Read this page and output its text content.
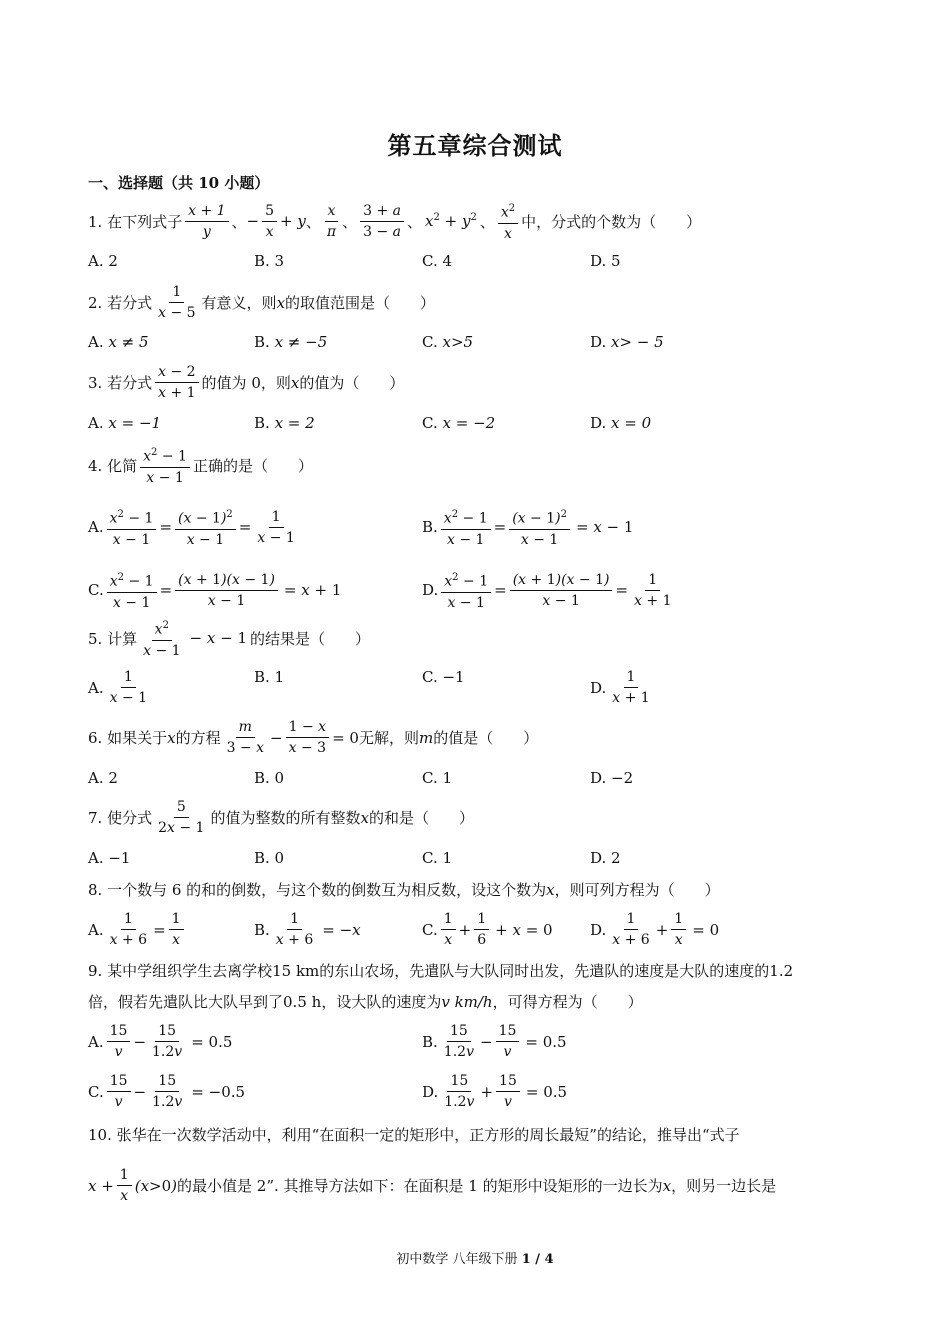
第五章综合测试
一、选择题（共 10 小题）
1. 在下列式子
x + 1
y
、 − $\frac{5}{x} + y$ 、
x
π
、
3 + a
3 − a
、 $x^2 + y^2$ 、
$x^2$
x
中，分式的个数为（　　）
A. 2	B. 3	C. 4	D. 5
2. 若分式
1
x − 5
有意义，则 x 的取值范围是（　　）
A.
x ≠ 5	B.
x ≠ −5	C.
x>5	D.
x> − 5
3. 若分式
x − 2
x + 1
的值为 0，则 x 的值为（　　）
A.
x = −1	B.
x = 2	C.
x = −2	D.
x = 0
4. 化简
$x^2 - 1$
x − 1
正确的是（　　）
A. $\frac{x^2 - 1}{x - 1} = \frac{(x - 1)^2}{x - 1} = \frac{1}{x - 1}$	B. $\frac{x^2 - 1}{x - 1} = \frac{(x - 1)^2}{x - 1} = x - 1$
C. $\frac{x^2 - 1}{x - 1} = \frac{(x + 1)(x - 1)}{x - 1} = x + 1$	D. $\frac{x^2 - 1}{x - 1} = \frac{(x + 1)(x - 1)}{x - 1} = \frac{1}{x + 1}$
5. 计算
$x^2$
x − 1
− x − 1 的结果是（　　）
A.
1
x − 1
B. 1	C. −1
D.
1
x + 1
6. 如果关于 x 的方程
m
3 − x
− $\frac{1 - x}{x - 3} = 0$ 无解，则 m 的值是（　　）
A. 2	B. 0	C. 1	D. −2
7. 使分式
5
2x − 1
的值为整数的所有整数 x 的和是（　　）
A. −1	B. 0	C. 1	D. 2
8. 一个数与 6 的和的倒数，与这个数的倒数互为相反数，设这个数为 x ，则可列方程为（　　）
A. $\frac{1}{x + 6} = \frac{1}{x}$	B. $\frac{1}{x + 6} = -x$	C.
1
x
+ $\frac{1}{6} + x = 0$ D.
1
x + 6
+ $\frac{1}{x} = 0$
9. 某中学组织学生去离学校15 km的东山农场，先遣队与大队同时出发，先遣队的速度是大队的速度的1.2
倍，假若先遣队比大队早到了0.5 h，设大队的速度为v km/h，可得方程为（　　）
A.
15
v
− $\frac{15}{1.2v} = 0.5$	B.
15
1.2v
− $\frac{15}{v} = 0.5$
C.
15
v
− $\frac{15}{1.2v} = -0.5$	D.
15
1.2v
+ $\frac{15}{v} = 0.5$
10. 张华在一次数学活动中，利用“在面积一定的矩形中，正方形的周长最短”的结论，推导出“式子
$x + \frac{1}{x} (x>0)$ 的最小值是 2”. 其推导方法如下：在面积是 1 的矩形中设矩形的一边长为 x ，则另一边长是
初中数学 八年级下册 1 / 4
